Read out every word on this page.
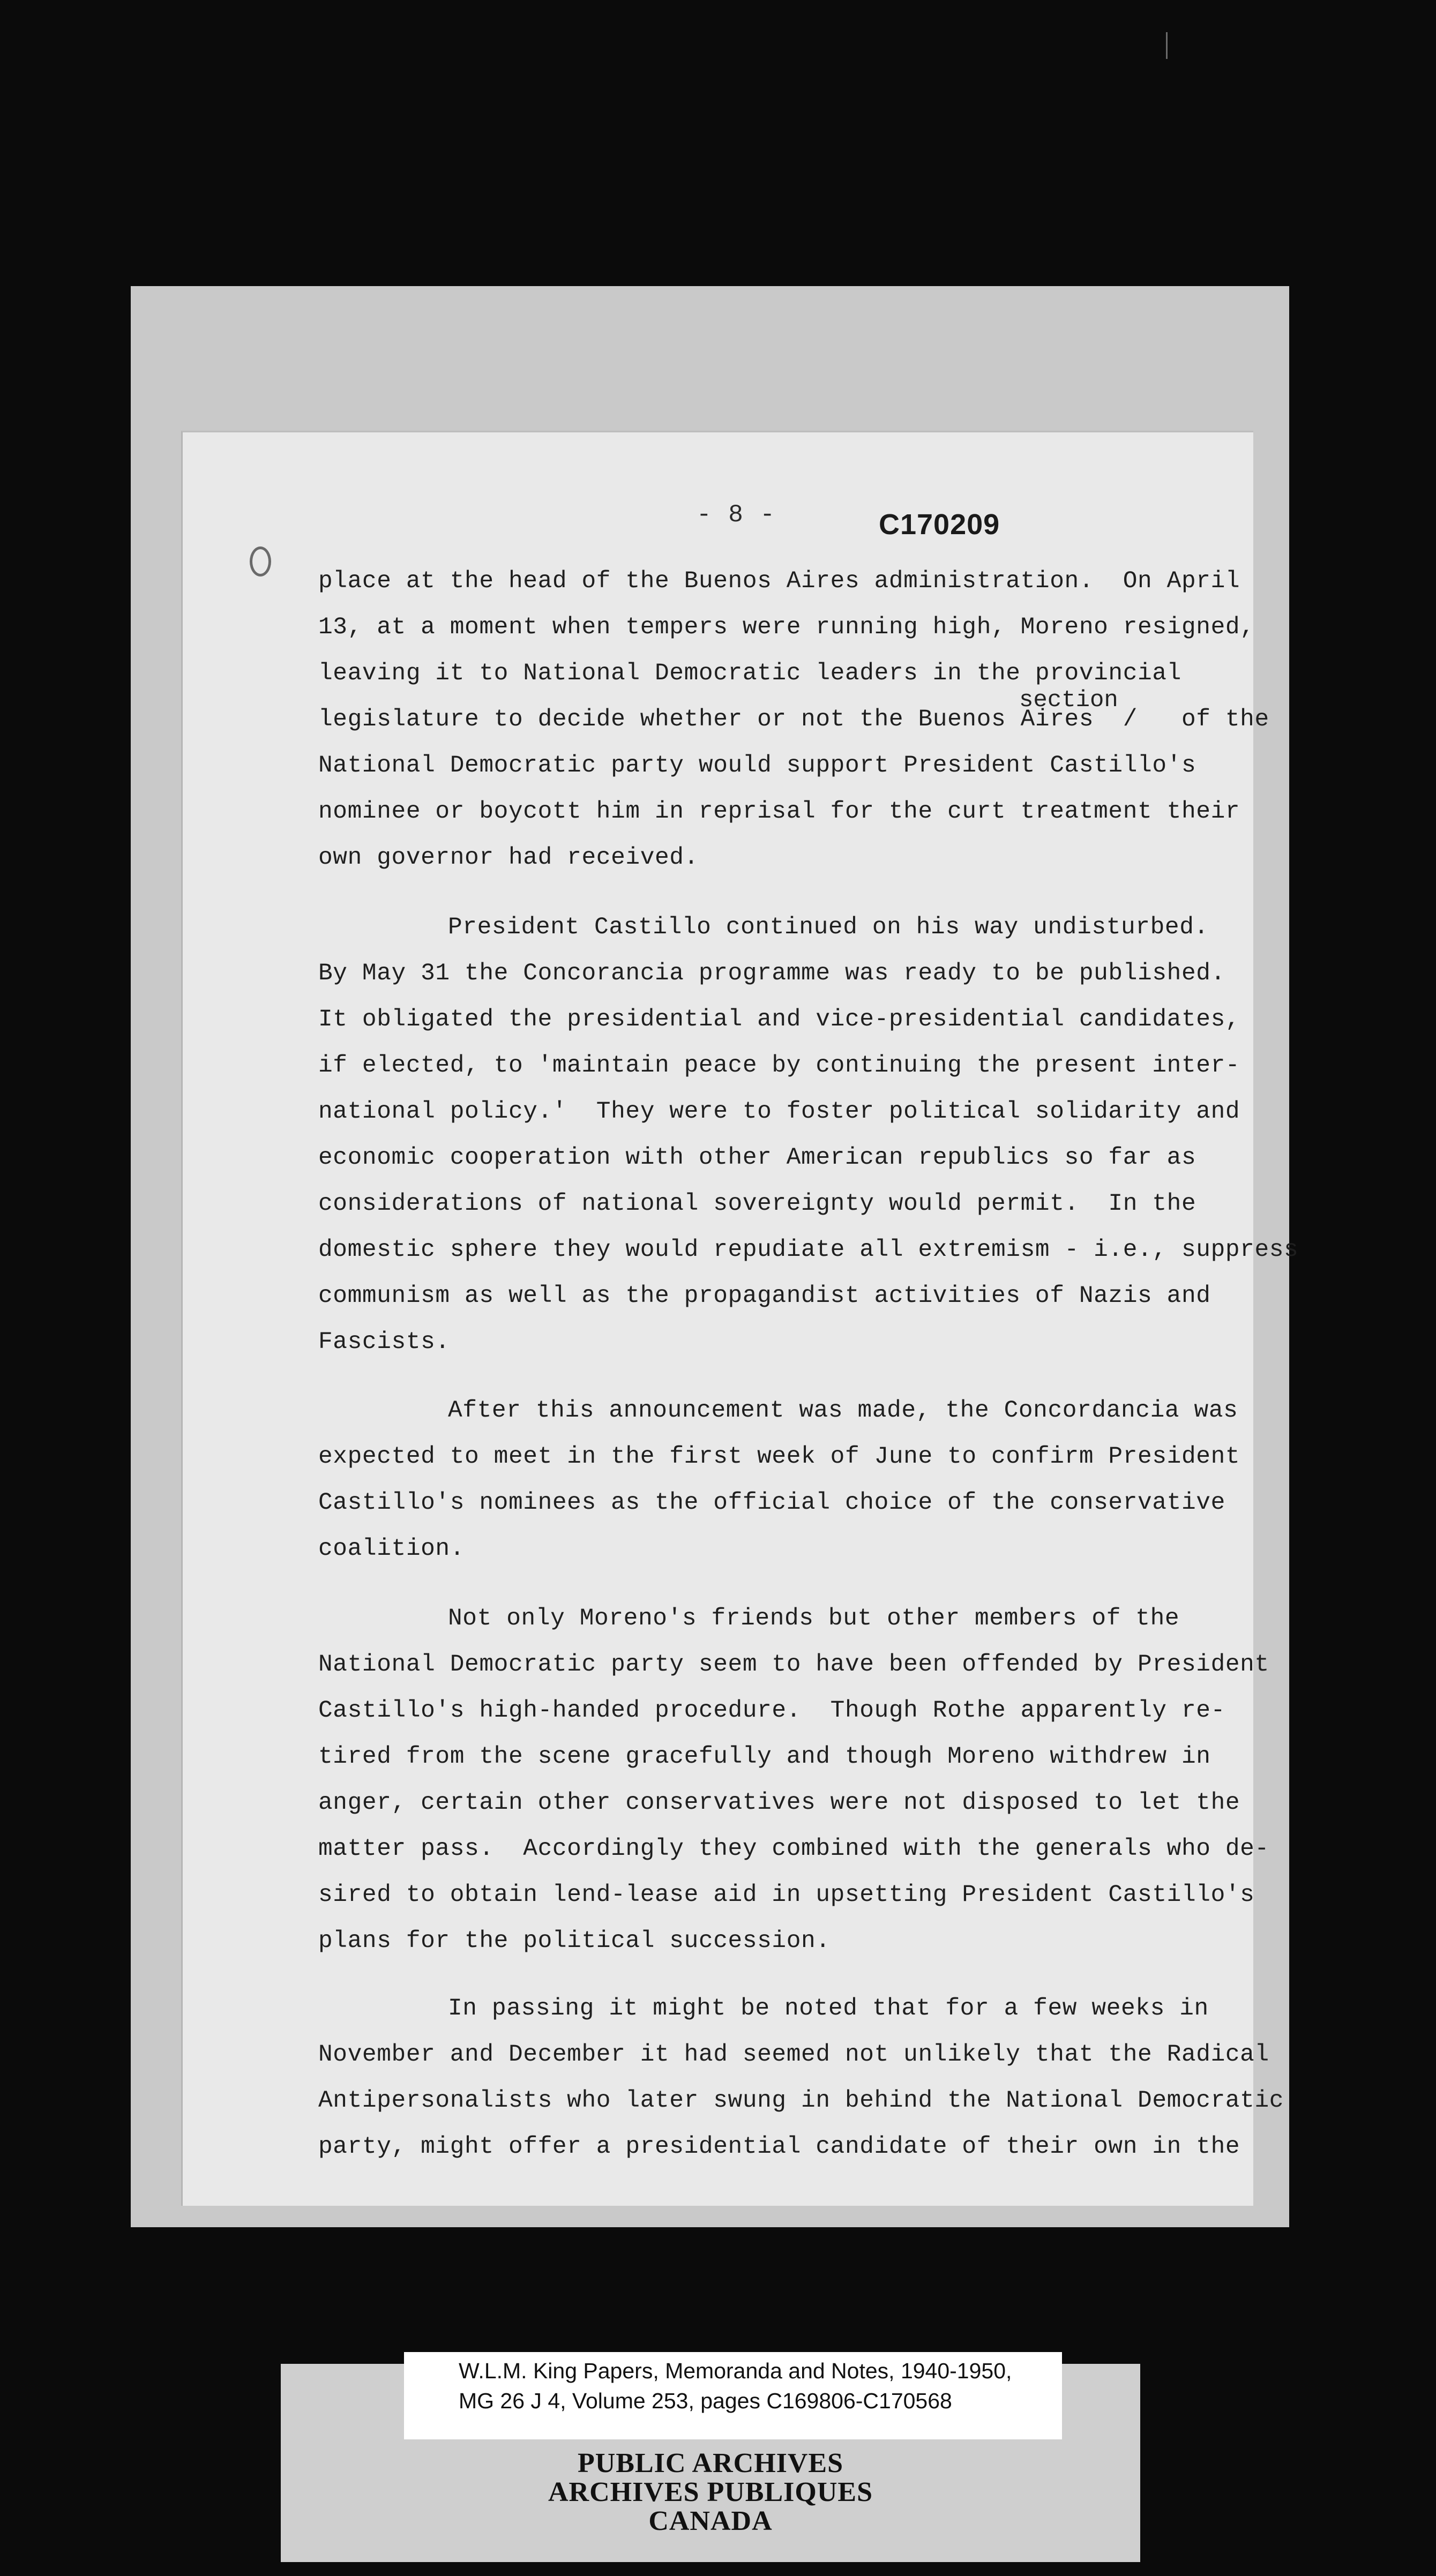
- 8 -	C170209
section
place at the head of the Buenos Aires administration.  On April
13, at a moment when tempers were running high, Moreno resigned,
leaving it to National Democratic leaders in the provincial
legislature to decide whether or not the Buenos Aires  /   of the
National Democratic party would support President Castillo's
nominee or boycott him in reprisal for the curt treatment their
own governor had received.
President Castillo continued on his way undisturbed.
By May 31 the Concorancia programme was ready to be published.
It obligated the presidential and vice-presidential candidates,
if elected, to 'maintain peace by continuing the present inter-
national policy.'  They were to foster political solidarity and
economic cooperation with other American republics so far as
considerations of national sovereignty would permit.  In the
domestic sphere they would repudiate all extremism - i.e., suppress
communism as well as the propagandist activities of Nazis and
Fascists.
After this announcement was made, the Concordancia was
expected to meet in the first week of June to confirm President
Castillo's nominees as the official choice of the conservative
coalition.
Not only Moreno's friends but other members of the
National Democratic party seem to have been offended by President
Castillo's high-handed procedure.  Though Rothe apparently re-
tired from the scene gracefully and though Moreno withdrew in
anger, certain other conservatives were not disposed to let the
matter pass.  Accordingly they combined with the generals who de-
sired to obtain lend-lease aid in upsetting President Castillo's
plans for the political succession.
In passing it might be noted that for a few weeks in
November and December it had seemed not unlikely that the Radical
Antipersonalists who later swung in behind the National Democratic
party, might offer a presidential candidate of their own in the
W.L.M. King Papers, Memoranda and Notes, 1940-1950,
MG 26 J 4, Volume 253, pages C169806-C170568
PUBLIC ARCHIVES
ARCHIVES PUBLIQUES
CANADA
